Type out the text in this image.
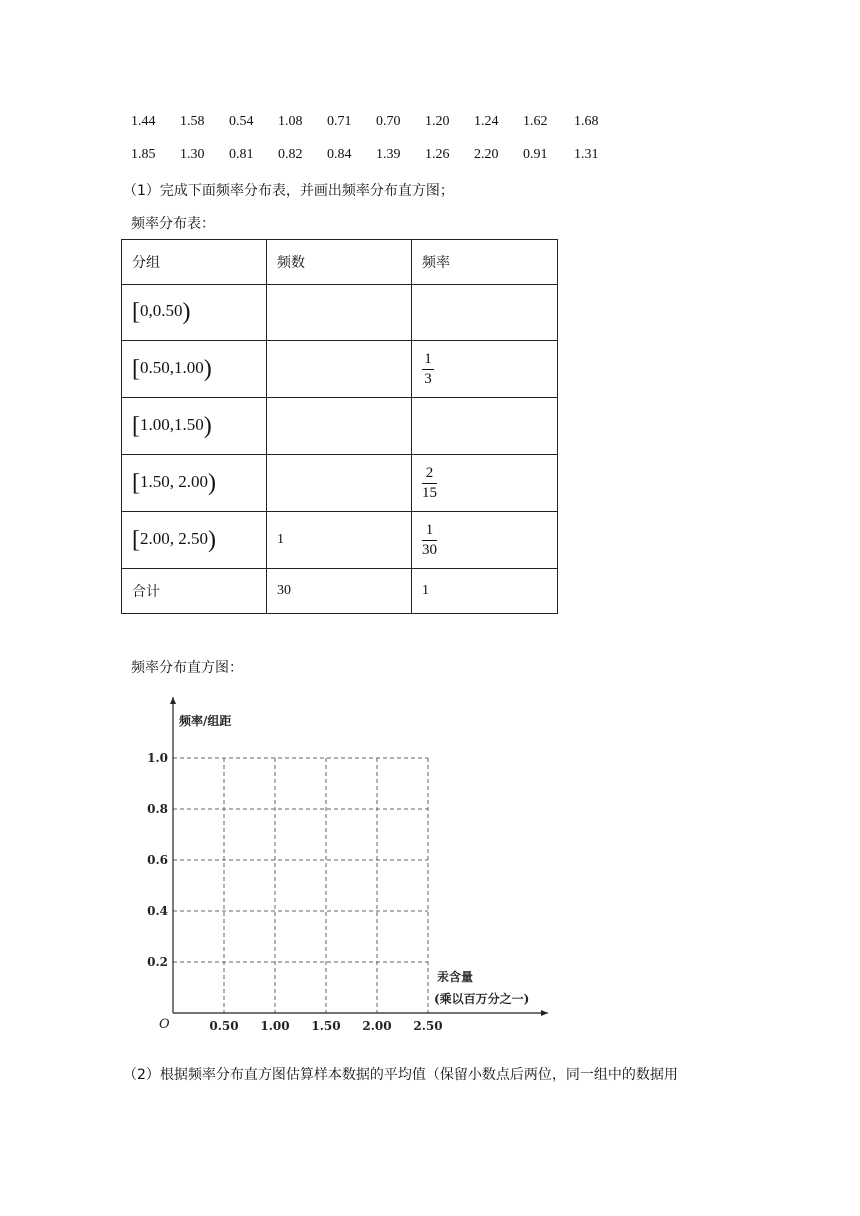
1.44 1.58 0.54 1.08 0.71 0.70 1.20 1.24 1.62 1.68
1.85 1.30 0.81 0.82 0.84 1.39 1.26 2.20 0.91 1.31
（1）完成下面频率分布表，并画出频率分布直方图；
频率分布表：
分组	频数	频率
[0,0.50)		
[0.50,1.00)		$\frac{1}{3}$

[1.00,1.50)		
[1.50, 2.00)		$\frac{2}{15}$

[2.00, 2.50)	1	$\frac{1}{30}$

合计	30	1
频率分布直方图：
0.50 1.00 1.50 2.00 2.50
0.2
0.4
0.6
0.8
1.0
O
频率/组距
汞含量
(乘以百万分之一)
（2）根据频率分布直方图估算样本数据的平均值（保留小数点后两位，同一组中的数据用
